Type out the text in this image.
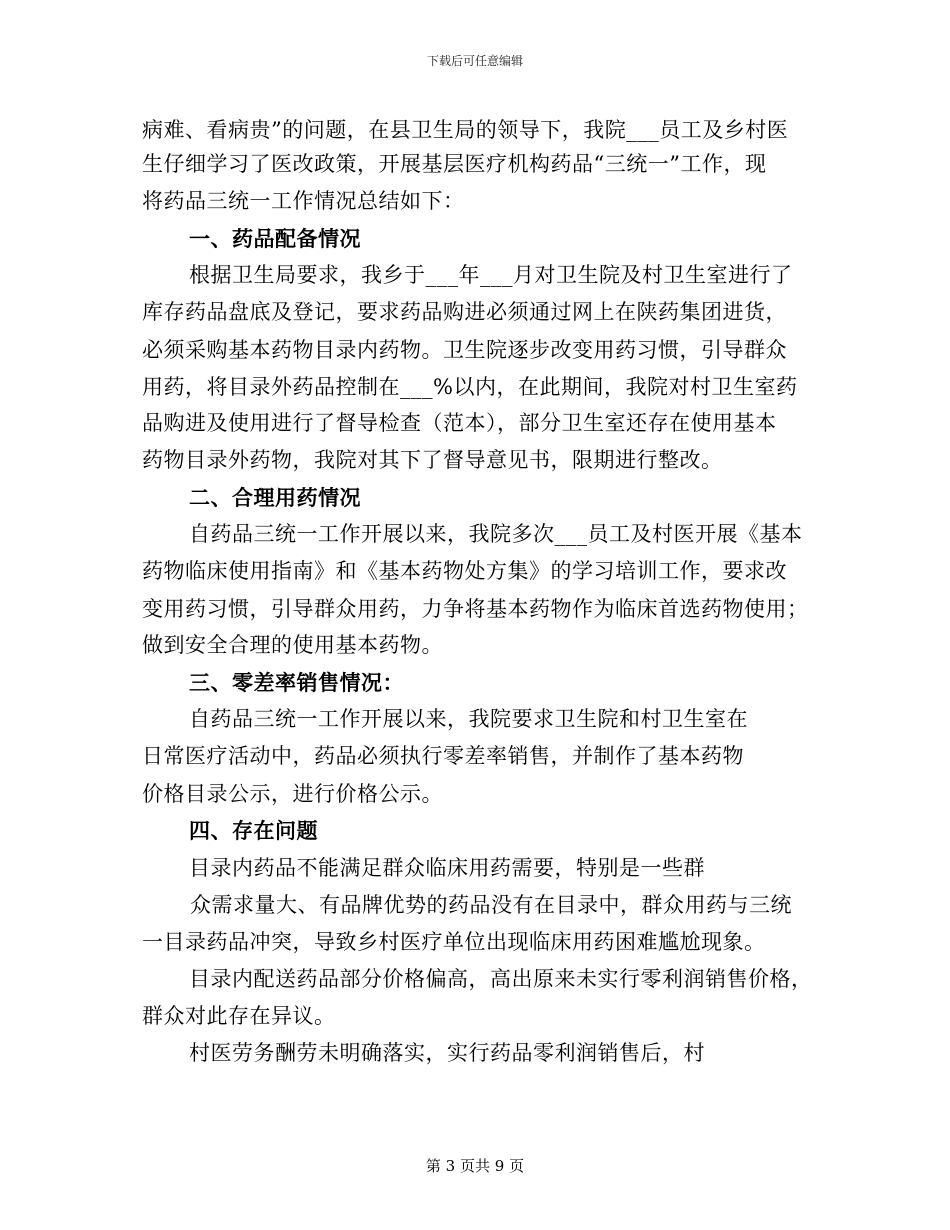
下载后可任意编辑
病难、看病贵”的问题，在县卫生局的领导下，我院___员工及乡村医
生仔细学习了医改政策，开展基层医疗机构药品“三统一”工作，现
将药品三统一工作情况总结如下：
一、药品配备情况
根据卫生局要求，我乡于___年___月对卫生院及村卫生室进行了
库存药品盘底及登记，要求药品购进必须通过网上在陕药集团进货，
必须采购基本药物目录内药物。卫生院逐步改变用药习惯，引导群众
用药，将目录外药品控制在___%以内，在此期间，我院对村卫生室药
品购进及使用进行了督导检查（范本），部分卫生室还存在使用基本
药物目录外药物，我院对其下了督导意见书，限期进行整改。
二、合理用药情况
自药品三统一工作开展以来，我院多次___员工及村医开展《基本
药物临床使用指南》和《基本药物处方集》的学习培训工作，要求改
变用药习惯，引导群众用药，力争将基本药物作为临床首选药物使用；
做到安全合理的使用基本药物。
三、零差率销售情况：
自药品三统一工作开展以来，我院要求卫生院和村卫生室在
日常医疗活动中，药品必须执行零差率销售，并制作了基本药物
价格目录公示，进行价格公示。
四、存在问题
目录内药品不能满足群众临床用药需要，特别是一些群
众需求量大、有品牌优势的药品没有在目录中，群众用药与三统
一目录药品冲突，导致乡村医疗单位出现临床用药困难尴尬现象。
目录内配送药品部分价格偏高，高出原来未实行零利润销售价格，
群众对此存在异议。
村医劳务酬劳未明确落实，实行药品零利润销售后，村
第 3 页共 9 页
